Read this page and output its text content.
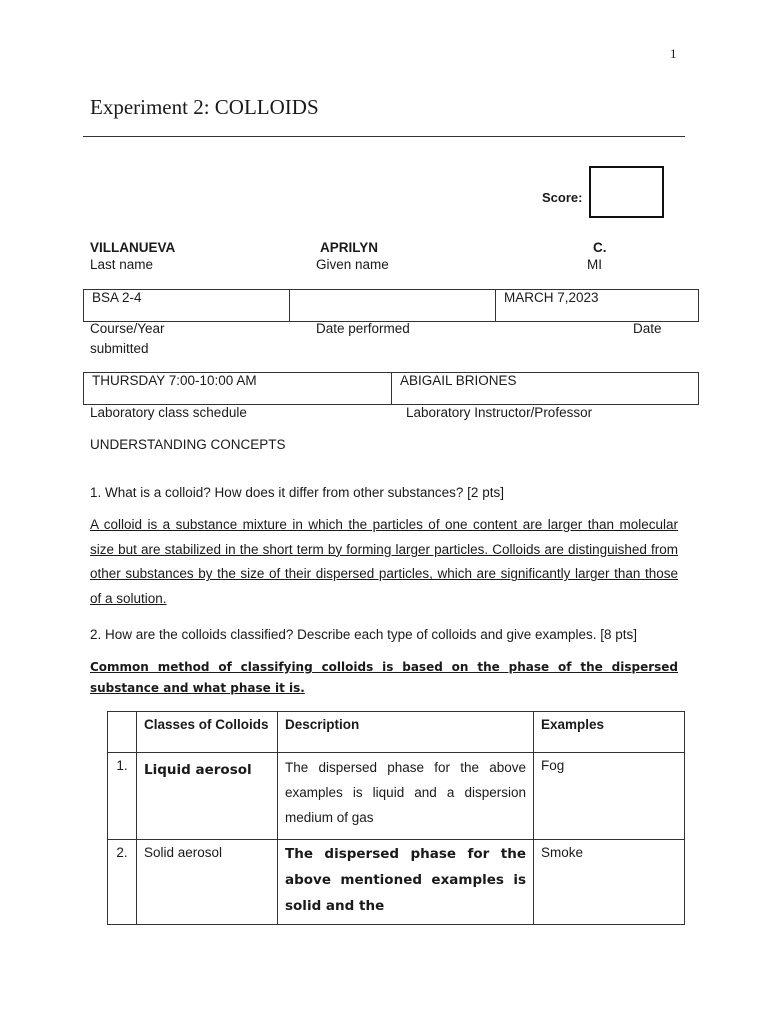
1
Experiment 2: COLLOIDS
Score:
VILLANUEVA	APRILYN	C.
Last name	Given name	MI
BSA 2-4		MARCH 7,2023
Course/Year	Date performed	Date
submitted
THURSDAY 7:00-10:00 AM	ABIGAIL BRIONES
Laboratory class schedule	Laboratory Instructor/Professor
UNDERSTANDING CONCEPTS
1. What is a colloid? How does it differ from other substances? [2 pts]
A colloid is a substance mixture in which the particles of one content are larger than molecular size but are stabilized in the short term by forming larger particles. Colloids are distinguished from other substances by the size of their dispersed particles, which are significantly larger than those of a solution.
2. How are the colloids classified? Describe each type of colloids and give examples. [8 pts]
Common method of classifying colloids is based on the phase of the dispersed substance and what phase it is.
	Classes of Colloids	Description	Examples
1.	Liquid aerosol	The dispersed phase for the above examples is liquid and a dispersion medium of gas	Fog
2.	Solid aerosol	The dispersed phase for the above mentioned examples is solid and the	Smoke
